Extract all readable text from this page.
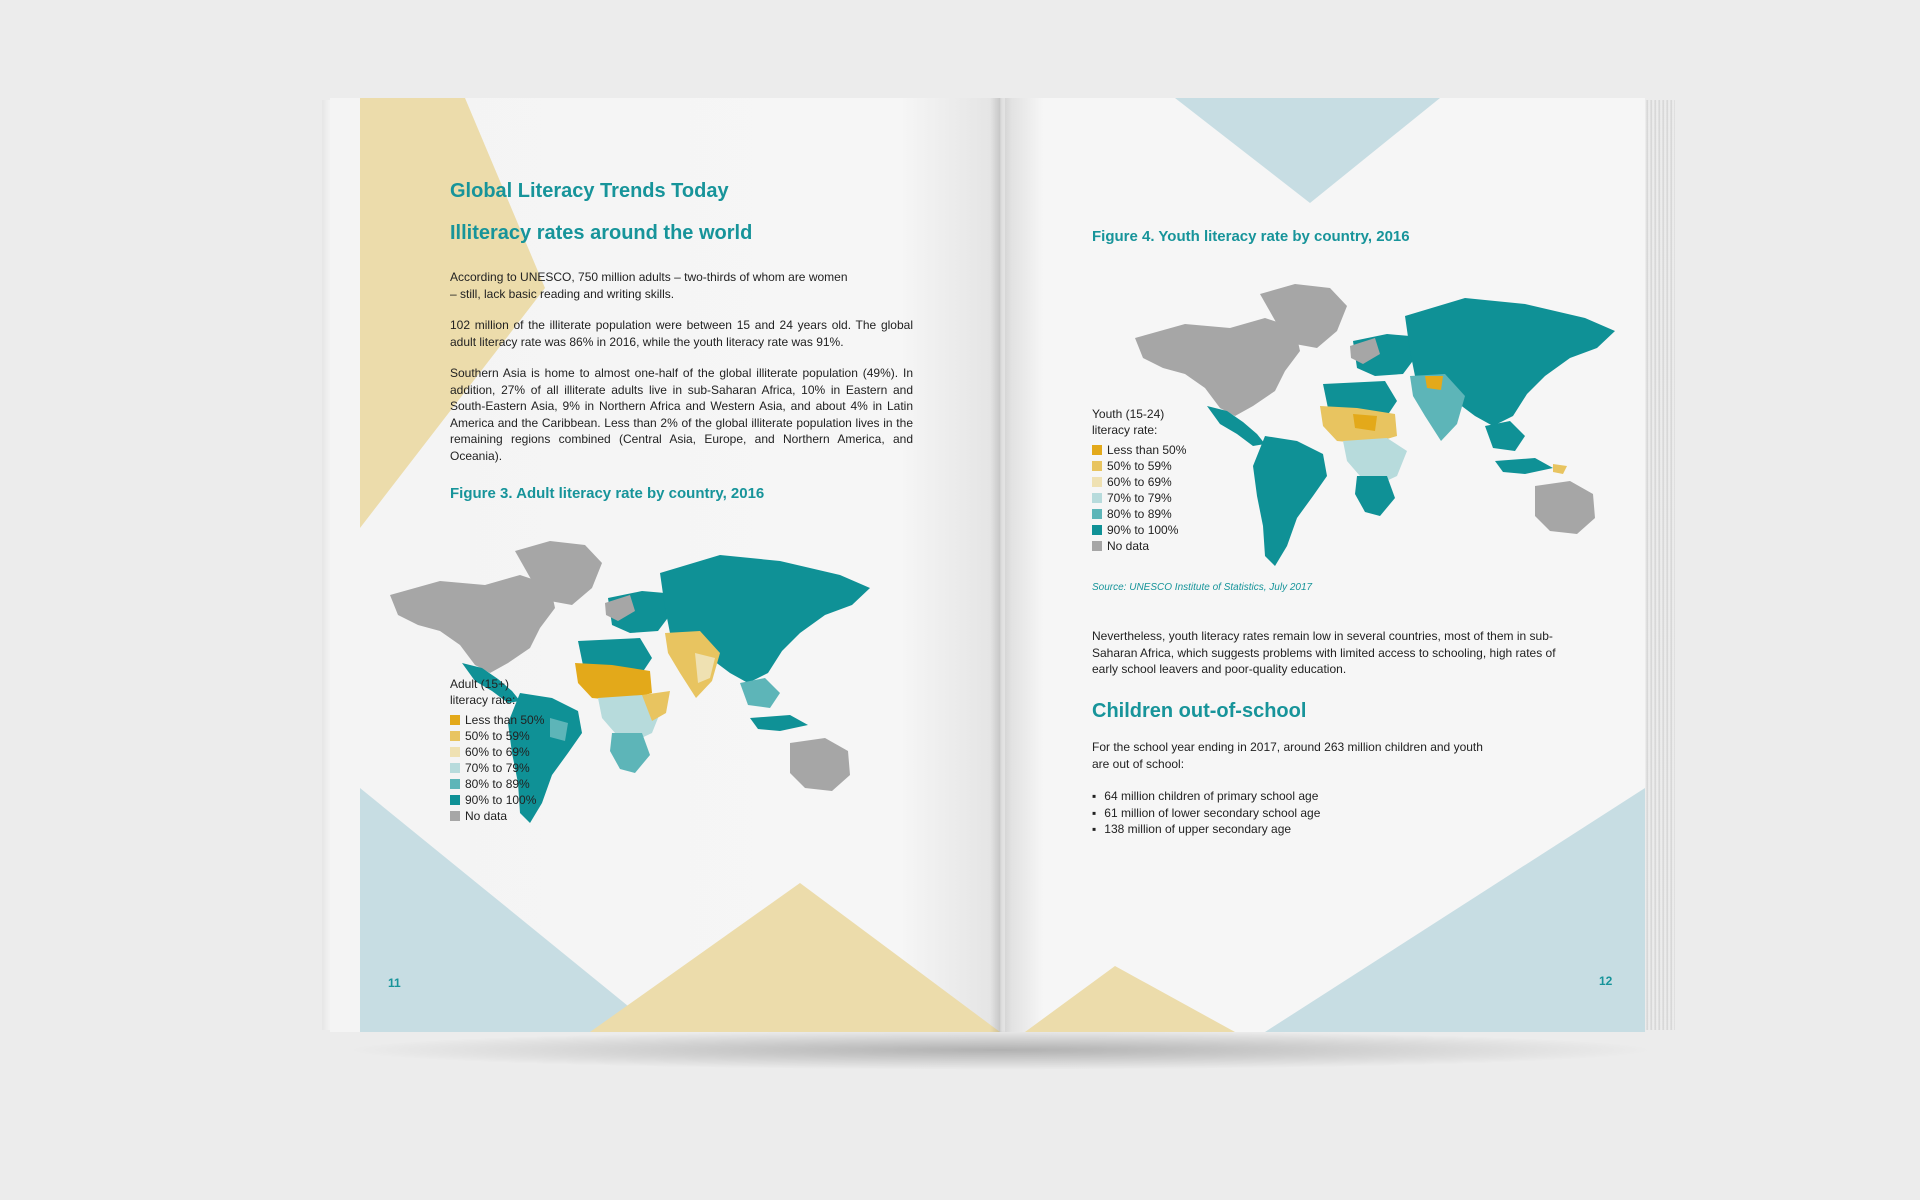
Global Literacy Trends Today
Illiteracy rates around the world

According to UNESCO, 750 million adults – two-thirds of whom are women – still, lack basic reading and writing skills.

102 million of the illiterate population were between 15 and 24 years old. The global adult literacy rate was 86% in 2016, while the youth literacy rate was 91%.

Southern Asia is home to almost one-half of the global illiterate population (49%). In addition, 27% of all illiterate adults live in sub-Saharan Africa, 10% in Eastern and South-Eastern Asia, 9% in Northern Africa and Western Asia, and about 4% in Latin America and the Caribbean. Less than 2% of the global illiterate population lives in the remaining regions combined (Central Asia, Europe, and Northern America, and Oceania).

Figure 3. Adult literacy rate by country, 2016
Adult (15+) literacy rate:
Less than 50%
50% to 59%
60% to 69%
70% to 79%
80% to 89%
90% to 100%
No data
11
Figure 4. Youth literacy rate by country, 2016
Youth (15-24) literacy rate:
Less than 50%
50% to 59%
60% to 69%
70% to 79%
80% to 89%
90% to 100%
No data
Source: UNESCO Institute of Statistics, July 2017

Nevertheless, youth literacy rates remain low in several countries, most of them in sub-Saharan Africa, which suggests problems with limited access to schooling, high rates of early school leavers and poor-quality education.

Children out-of-school

For the school year ending in 2017, around 263 million children and youth are out of school:

▪ 64 million children of primary school age
▪ 61 million of lower secondary school age
▪ 138 million of upper secondary age
12
